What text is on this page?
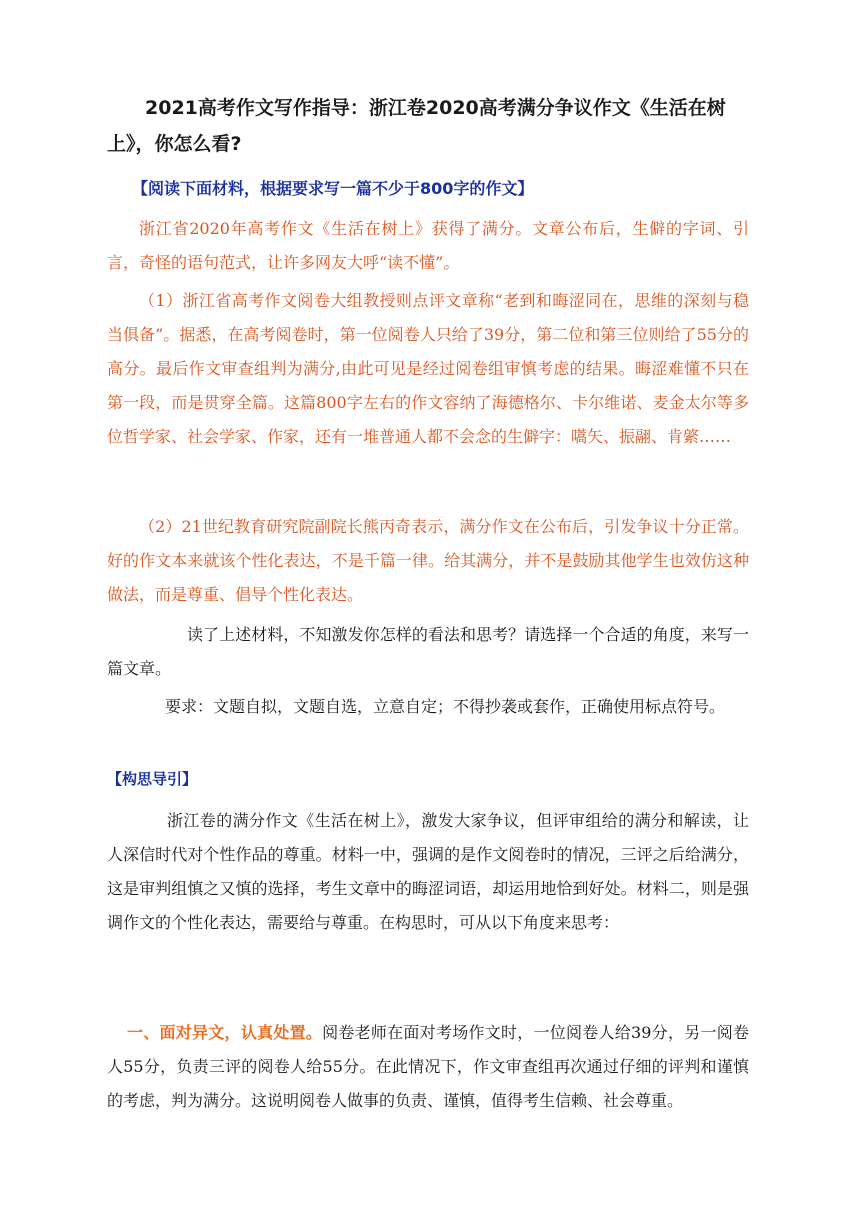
2021高考作文写作指导：浙江卷2020高考满分争议作文《生活在树上》，你怎么看?
【阅读下面材料，根据要求写一篇不少于800字的作文】
浙江省2020年高考作文《生活在树上》获得了满分。文章公布后，生僻的字词、引言，奇怪的语句范式，让许多网友大呼“读不懂”。
（1）浙江省高考作文阅卷大组教授则点评文章称“老到和晦涩同在，思维的深刻与稳当俱备”。据悉，在高考阅卷时，第一位阅卷人只给了39分，第二位和第三位则给了55分的高分。最后作文审查组判为满分,由此可见是经过阅卷组审慎考虑的结果。晦涩难懂不只在第一段，而是贯穿全篇。这篇800字左右的作文容纳了海德格尔、卡尔维诺、麦金太尔等多位哲学家、社会学家、作家，还有一堆普通人都不会念的生僻字：嚆矢、振翮、肯綮……
（2）21世纪教育研究院副院长熊丙奇表示，满分作文在公布后，引发争议十分正常。好的作文本来就该个性化表达，不是千篇一律。给其满分，并不是鼓励其他学生也效仿这种做法，而是尊重、倡导个性化表达。
读了上述材料，不知激发你怎样的看法和思考？请选择一个合适的角度，来写一篇文章。
要求：文题自拟，文题自选，立意自定；不得抄袭或套作，正确使用标点符号。
【构思导引】
浙江卷的满分作文《生活在树上》，激发大家争议，但评审组给的满分和解读，让人深信时代对个性作品的尊重。材料一中，强调的是作文阅卷时的情况，三评之后给满分，这是审判组慎之又慎的选择，考生文章中的晦涩词语，却运用地恰到好处。材料二，则是强调作文的个性化表达，需要给与尊重。在构思时，可从以下角度来思考：
一、面对异文，认真处置。阅卷老师在面对考场作文时，一位阅卷人给39分，另一阅卷人55分，负责三评的阅卷人给55分。在此情况下，作文审查组再次通过仔细的评判和谨慎的考虑，判为满分。这说明阅卷人做事的负责、谨慎，值得考生信赖、社会尊重。
